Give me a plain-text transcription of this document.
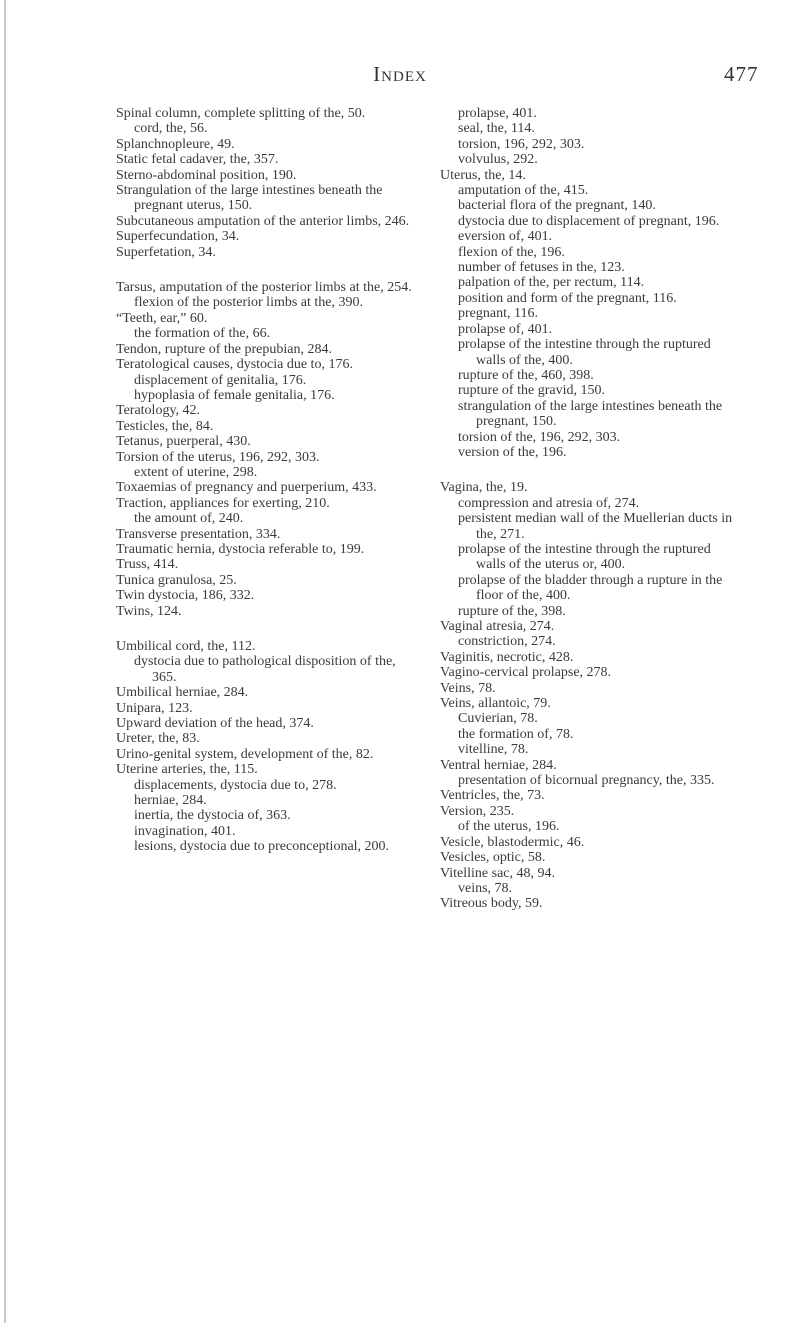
Index	477
Spinal column, complete splitting of the, 50.
cord, the, 56.
Splanchnopleure, 49.
Static fetal cadaver, the, 357.
Sterno-abdominal position, 190.
Strangulation of the large intestines beneath the pregnant uterus, 150.
Subcutaneous amputation of the anterior limbs, 246.
Superfecundation, 34.
Superfetation, 34.
Tarsus, amputation of the posterior limbs at the, 254.
flexion of the posterior limbs at the, 390.
“Teeth, ear,” 60.
the formation of the, 66.
Tendon, rupture of the prepubian, 284.
Teratological causes, dystocia due to, 176.
displacement of genitalia, 176.
hypoplasia of female genitalia, 176.
Teratology, 42.
Testicles, the, 84.
Tetanus, puerperal, 430.
Torsion of the uterus, 196, 292, 303.
extent of uterine, 298.
Toxaemias of pregnancy and puerperium, 433.
Traction, appliances for exerting, 210.
the amount of, 240.
Transverse presentation, 334.
Traumatic hernia, dystocia referable to, 199.
Truss, 414.
Tunica granulosa, 25.
Twin dystocia, 186, 332.
Twins, 124.
Umbilical cord, the, 112.
dystocia due to pathological disposition of the, 365.
Umbilical herniae, 284.
Unipara, 123.
Upward deviation of the head, 374.
Ureter, the, 83.
Urino-genital system, development of the, 82.
Uterine arteries, the, 115.
displacements, dystocia due to, 278.
herniae, 284.
inertia, the dystocia of, 363.
invagination, 401.
lesions, dystocia due to preconceptional, 200.
prolapse, 401.
seal, the, 114.
torsion, 196, 292, 303.
volvulus, 292.
Uterus, the, 14.
amputation of the, 415.
bacterial flora of the pregnant, 140.
dystocia due to displacement of pregnant, 196.
eversion of, 401.
flexion of the, 196.
number of fetuses in the, 123.
palpation of the, per rectum, 114.
position and form of the pregnant, 116.
pregnant, 116.
prolapse of, 401.
prolapse of the intestine through the ruptured walls of the, 400.
rupture of the, 460, 398.
rupture of the gravid, 150.
strangulation of the large intestines beneath the pregnant, 150.
torsion of the, 196, 292, 303.
version of the, 196.
Vagina, the, 19.
compression and atresia of, 274.
persistent median wall of the Muellerian ducts in the, 271.
prolapse of the intestine through the ruptured walls of the uterus or, 400.
prolapse of the bladder through a rupture in the floor of the, 400.
rupture of the, 398.
Vaginal atresia, 274.
constriction, 274.
Vaginitis, necrotic, 428.
Vagino-cervical prolapse, 278.
Veins, 78.
Veins, allantoic, 79.
Cuvierian, 78.
the formation of, 78.
vitelline, 78.
Ventral herniae, 284.
presentation of bicornual pregnancy, the, 335.
Ventricles, the, 73.
Version, 235.
of the uterus, 196.
Vesicle, blastodermic, 46.
Vesicles, optic, 58.
Vitelline sac, 48, 94.
veins, 78.
Vitreous body, 59.
